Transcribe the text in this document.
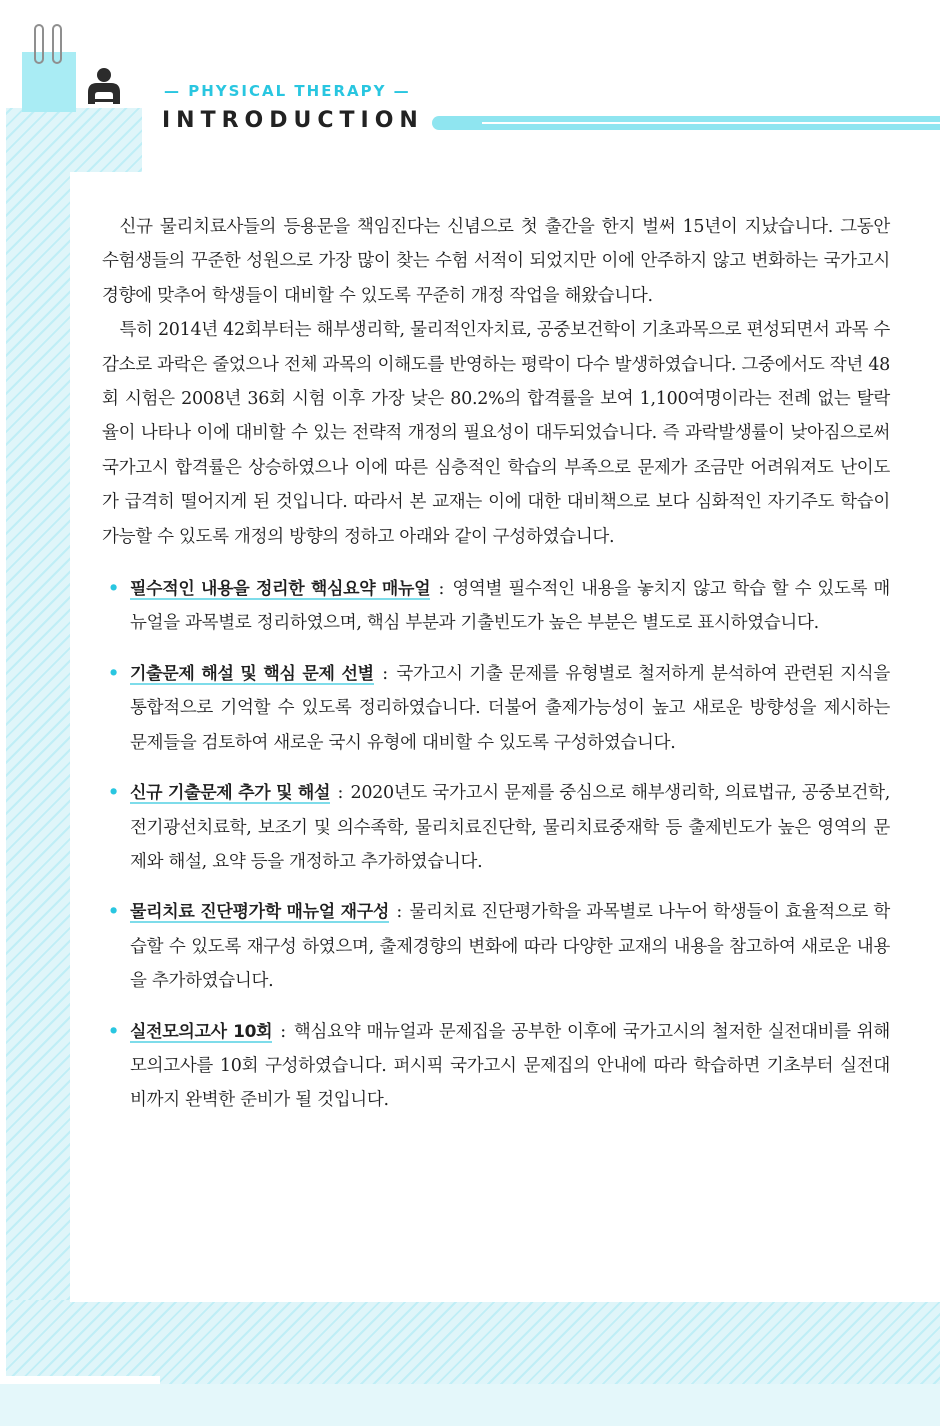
— PHYSICAL THERAPY —
INTRODUCTION

신규 물리치료사들의 등용문을 책임진다는 신념으로 첫 출간을 한지 벌써 15년이 지났습니다. 그동안 수험생들의 꾸준한 성원으로 가장 많이 찾는 수험 서적이 되었지만 이에 안주하지 않고 변화하는 국가고시 경향에 맞추어 학생들이 대비할 수 있도록 꾸준히 개정 작업을 해왔습니다.

특히 2014년 42회부터는 해부생리학, 물리적인자치료, 공중보건학이 기초과목으로 편성되면서 과목 수 감소로 과락은 줄었으나 전체 과목의 이해도를 반영하는 평락이 다수 발생하였습니다. 그중에서도 작년 48회 시험은 2008년 36회 시험 이후 가장 낮은 80.2%의 합격률을 보여 1,100여명이라는 전례 없는 탈락율이 나타나 이에 대비할 수 있는 전략적 개정의 필요성이 대두되었습니다. 즉 과락발생률이 낮아짐으로써 국가고시 합격률은 상승하였으나 이에 따른 심층적인 학습의 부족으로 문제가 조금만 어려워져도 난이도가 급격히 떨어지게 된 것입니다. 따라서 본 교재는 이에 대한 대비책으로 보다 심화적인 자기주도 학습이 가능할 수 있도록 개정의 방향의 정하고 아래와 같이 구성하였습니다.

• 필수적인 내용을 정리한 핵심요약 매뉴얼 : 영역별 필수적인 내용을 놓치지 않고 학습 할 수 있도록 매뉴얼을 과목별로 정리하였으며, 핵심 부분과 기출빈도가 높은 부분은 별도로 표시하였습니다.
• 기출문제 해설 및 핵심 문제 선별 : 국가고시 기출 문제를 유형별로 철저하게 분석하여 관련된 지식을 통합적으로 기억할 수 있도록 정리하였습니다. 더불어 출제가능성이 높고 새로운 방향성을 제시하는 문제들을 검토하여 새로운 국시 유형에 대비할 수 있도록 구성하였습니다.
• 신규 기출문제 추가 및 해설 : 2020년도 국가고시 문제를 중심으로 해부생리학, 의료법규, 공중보건학, 전기광선치료학, 보조기 및 의수족학, 물리치료진단학, 물리치료중재학 등 출제빈도가 높은 영역의 문제와 해설, 요약 등을 개정하고 추가하였습니다.
• 물리치료 진단평가학 매뉴얼 재구성 : 물리치료 진단평가학을 과목별로 나누어 학생들이 효율적으로 학습할 수 있도록 재구성 하였으며, 출제경향의 변화에 따라 다양한 교재의 내용을 참고하여 새로운 내용을 추가하였습니다.
• 실전모의고사 10회 : 핵심요약 매뉴얼과 문제집을 공부한 이후에 국가고시의 철저한 실전대비를 위해 모의고사를 10회 구성하였습니다. 퍼시픽 국가고시 문제집의 안내에 따라 학습하면 기초부터 실전대비까지 완벽한 준비가 될 것입니다.
